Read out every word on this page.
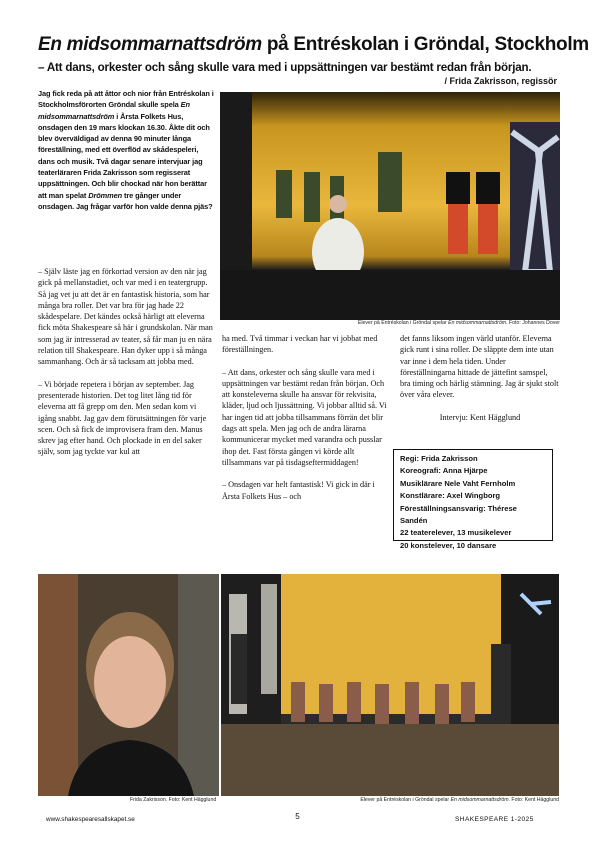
En midsommarnattsdröm på Entréskolan i Gröndal, Stockholm
– Att dans, orkester och sång skulle vara med i uppsättningen var bestämt redan från början.
/ Frida Zakrisson, regissör
Jag fick reda på att åttor och nior från Entréskolan i Stockholmsförorten Gröndal skulle spela En midsommarnattsdröm i Årsta Folkets Hus, onsdagen den 19 mars klockan 16.30. Åkte dit och blev överväldigad av denna 90 minuter långa föreställning, med ett överflöd av skådespeleri, dans och musik. Två dagar senare intervjuar jag teaterläraren Frida Zakrisson som regisserat uppsättningen. Och blir chockad när hon berättar att man spelat Drömmen tre gånger under onsdagen. Jag frågar varför hon valde denna pjäs?
Elever på Entréskolan i Gröndal spelar En midsommarnattsdröm. Foto: Johannes Dover

– Själv läste jag en förkortad version av den när jag gick på mellanstadiet, och var med i en teatergrupp. Så jag vet ju att det är en fantastisk historia, som har många bra roller. Det var bra för jag hade 22 skådespelare. Det kändes också härligt att eleverna fick möta Shakespeare så här i grundskolan. När man som jag är intresserad av teater, så får man ju en nära relation till Shakespeare. Han dyker upp i så många sammanhang. Och är så tacksam att jobba med.

– Vi började repetera i början av september. Jag presenterade historien. Det tog litet lång tid för eleverna att få grepp om den. Men sedan kom vi igång snabbt. Jag gav dem förutsättningen för varje scen. Och så fick de improvisera fram den. Manus skrev jag efter hand. Och plockade in en del saker själv, som jag tyckte var kul att

ha med. Två timmar i veckan har vi jobbat med föreställningen.

– Att dans, orkester och sång skulle vara med i uppsättningen var bestämt redan från början. Och att konsteleverna skulle ha ansvar för rekvisita, kläder, ljud och ljussättning. Vi jobbar alltid så. Vi har ingen tid att jobba tillsammans förrän det blir dags att spela. Men jag och de andra lärarna kommunicerar mycket med varandra och pusslar ihop det. Fast första gången vi körde allt tillsammans var på tisdagseftermiddagen!

– Onsdagen var helt fantastisk! Vi gick in där i Årsta Folkets Hus – och

det fanns liksom ingen värld utanför. Eleverna gick runt i sina roller. De släppte dem inte utan var inne i dem hela tiden. Under föreställningarna hittade de jättefint samspel, bra timing och härlig stämning. Jag är sjukt stolt över våra elever.

Intervju: Kent Hägglund

Regi: Frida Zakrisson
Koreografi: Anna Hjärpe
Musiklärare Nele Vaht Fernholm
Konstlärare: Axel Wingborg
Föreställningsansvarig: Thérese Sandén
22 teaterelever, 13 musikelever
20 konstelever, 10 dansare
Frida Zakrisson. Foto: Kent Hägglund	Elever på Entréskolan i Gröndal spelar En midsommarnattsdröm. Foto: Kent Hägglund
5
www.shakespearesallskapet.se	SHAKESPEARE 1-2025
